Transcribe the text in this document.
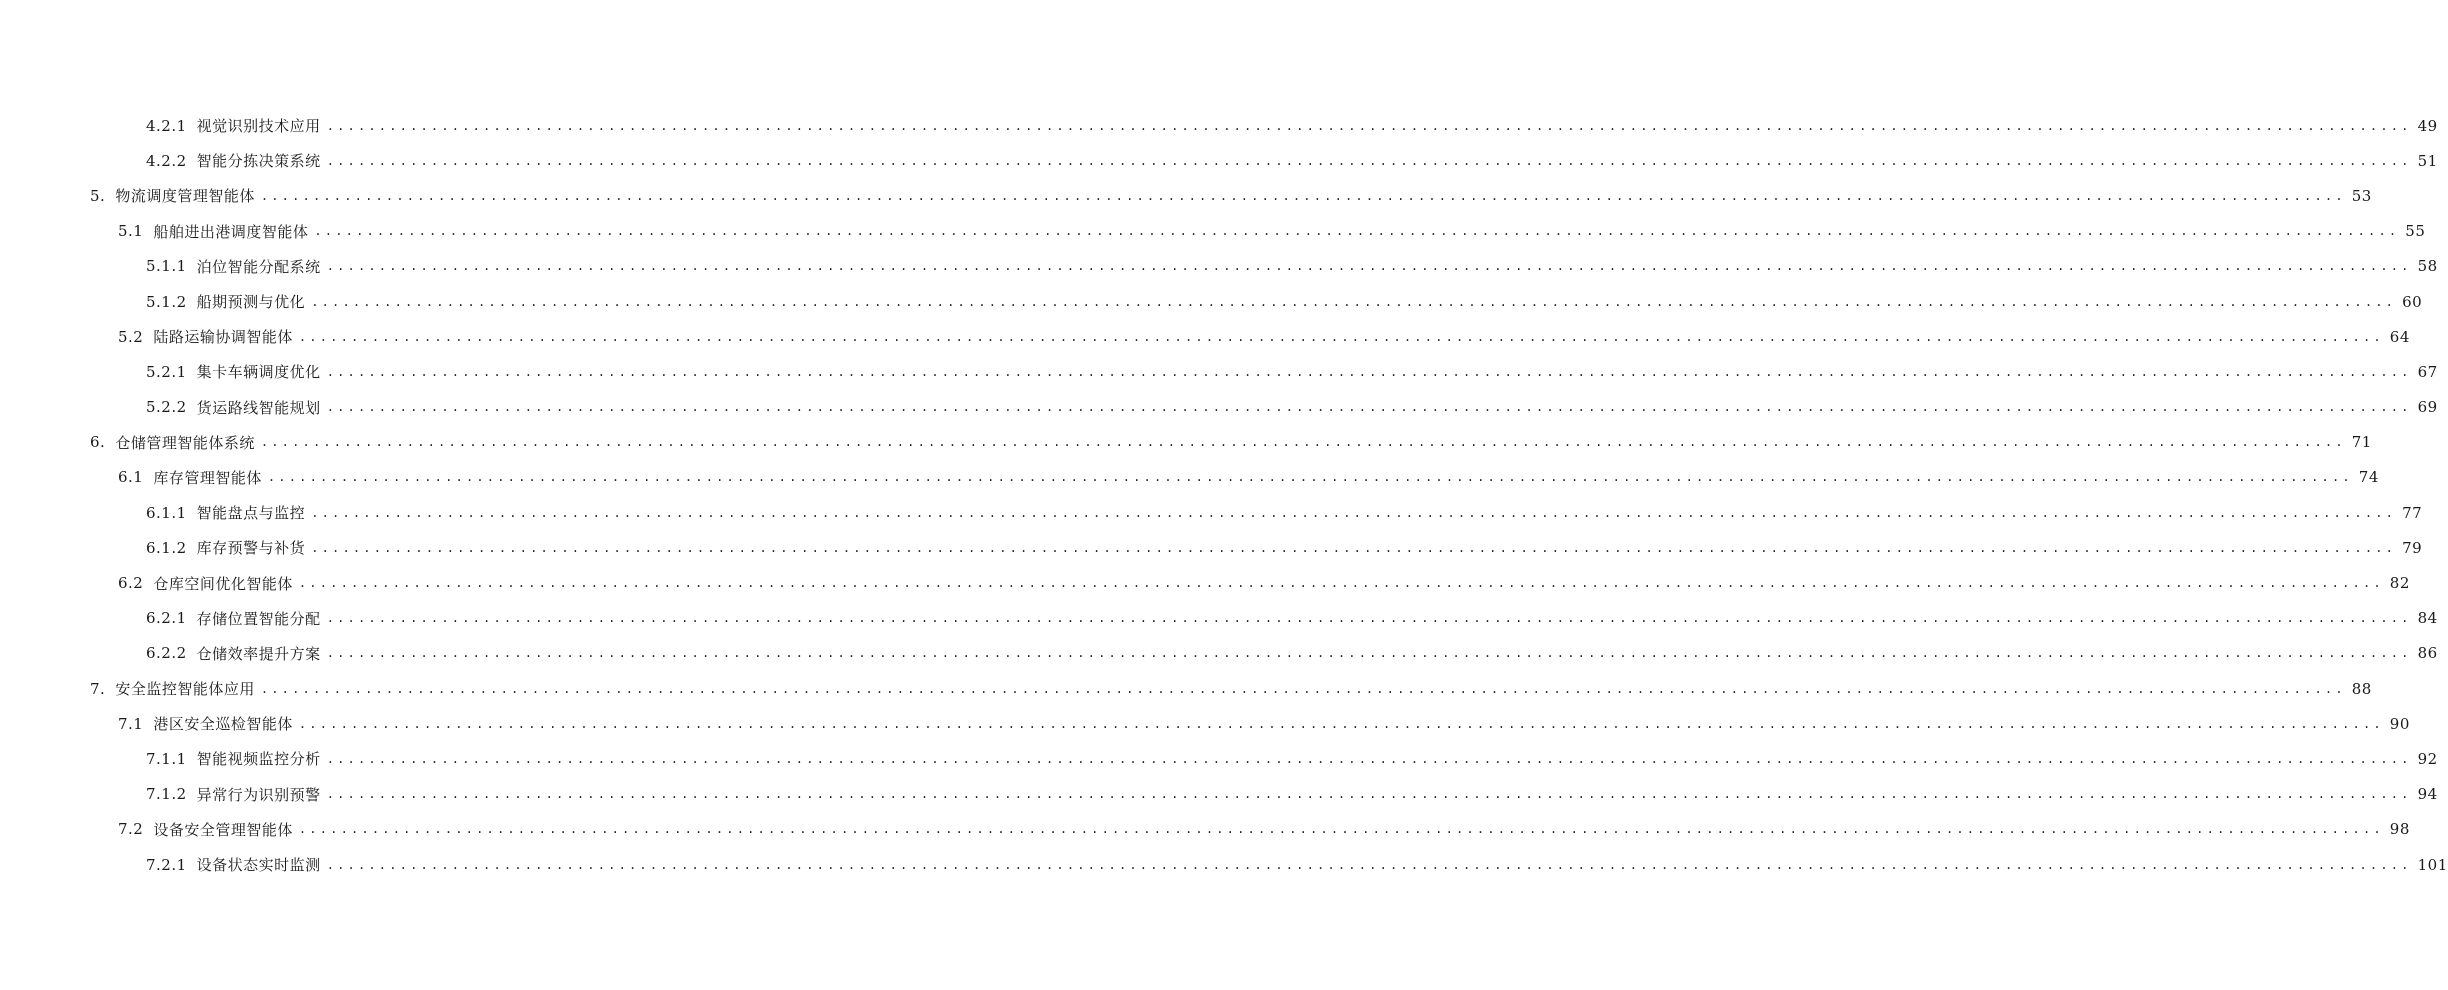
4.2.1 视觉识别技术应用 ........................................................................................................................................................................................................ 49
4.2.2 智能分拣决策系统 ........................................................................................................................................................................................................ 51
5. 物流调度管理智能体 ........................................................................................................................................................................................................ 53
5.1 船舶进出港调度智能体 ........................................................................................................................................................................................................ 55
5.1.1 泊位智能分配系统 ........................................................................................................................................................................................................ 58
5.1.2 船期预测与优化 ........................................................................................................................................................................................................ 60
5.2 陆路运输协调智能体 ........................................................................................................................................................................................................ 64
5.2.1 集卡车辆调度优化 ........................................................................................................................................................................................................ 67
5.2.2 货运路线智能规划 ........................................................................................................................................................................................................ 69
6. 仓储管理智能体系统 ........................................................................................................................................................................................................ 71
6.1 库存管理智能体 ........................................................................................................................................................................................................ 74
6.1.1 智能盘点与监控 ........................................................................................................................................................................................................ 77
6.1.2 库存预警与补货 ........................................................................................................................................................................................................ 79
6.2 仓库空间优化智能体 ........................................................................................................................................................................................................ 82
6.2.1 存储位置智能分配 ........................................................................................................................................................................................................ 84
6.2.2 仓储效率提升方案 ........................................................................................................................................................................................................ 86
7. 安全监控智能体应用 ........................................................................................................................................................................................................ 88
7.1 港区安全巡检智能体 ........................................................................................................................................................................................................ 90
7.1.1 智能视频监控分析 ........................................................................................................................................................................................................ 92
7.1.2 异常行为识别预警 ........................................................................................................................................................................................................ 94
7.2 设备安全管理智能体 ........................................................................................................................................................................................................ 98
7.2.1 设备状态实时监测 ........................................................................................................................................................................................................ 101
